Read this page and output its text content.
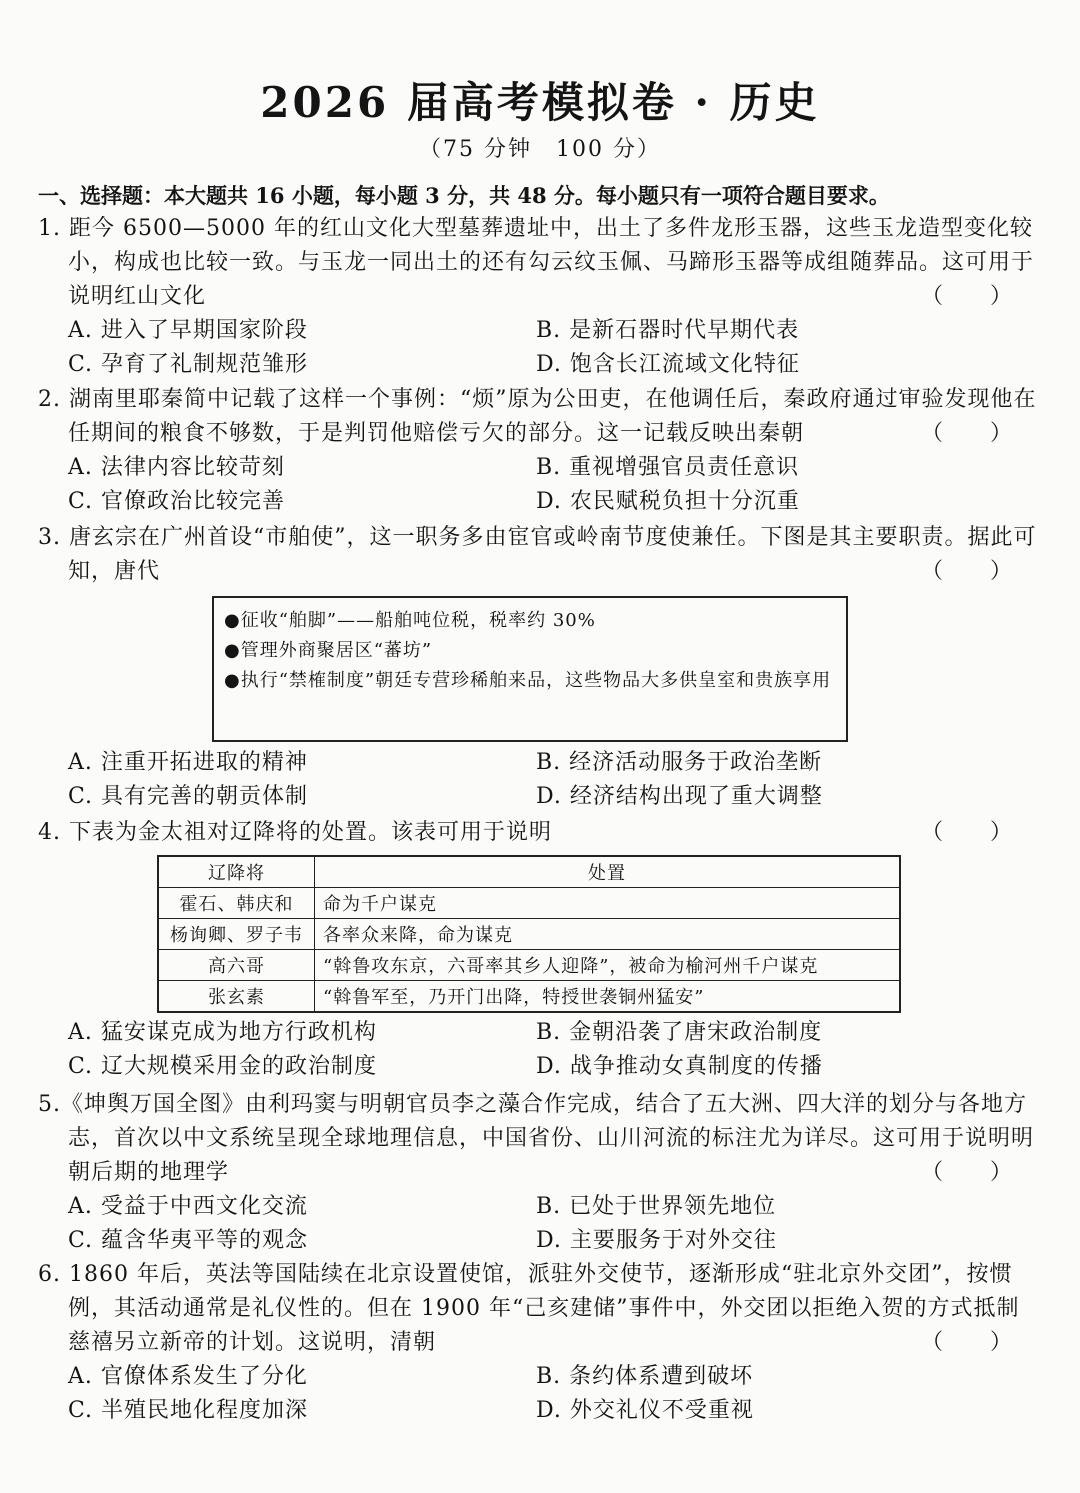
2026 届高考模拟卷 · 历史
（75 分钟　100 分）
一、选择题：本大题共 16 小题，每小题 3 分，共 48 分。每小题只有一项符合题目要求。
1. 距今 6500—5000 年的红山文化大型墓葬遗址中，出土了多件龙形玉器，这些玉龙造型变化较小，构成也比较一致。与玉龙一同出土的还有勾云纹玉佩、马蹄形玉器等成组随葬品。这可用于说明红山文化	（ ）
A. 进入了早期国家阶段	B. 是新石器时代早期代表
C. 孕育了礼制规范雏形	D. 饱含长江流域文化特征
2. 湖南里耶秦简中记载了这样一个事例：“烦”原为公田吏，在他调任后，秦政府通过审验发现他在任期间的粮食不够数，于是判罚他赔偿亏欠的部分。这一记载反映出秦朝	（ ）
A. 法律内容比较苛刻	B. 重视增强官员责任意识
C. 官僚政治比较完善	D. 农民赋税负担十分沉重
3. 唐玄宗在广州首设“市舶使”，这一职务多由宦官或岭南节度使兼任。下图是其主要职责。据此可知，唐代	（ ）
●征收“舶脚”——船舶吨位税，税率约 30%
●管理外商聚居区“蕃坊”
●执行“禁榷制度”朝廷专营珍稀舶来品，这些物品大多供皇室和贵族享用
A. 注重开拓进取的精神	B. 经济活动服务于政治垄断
C. 具有完善的朝贡体制	D. 经济结构出现了重大调整
4. 下表为金太祖对辽降将的处置。该表可用于说明	（ ）
辽降将	处置
霍石、韩庆和	命为千户谋克
杨询卿、罗子韦	各率众来降，命为谋克
高六哥	“斡鲁攻东京，六哥率其乡人迎降”，被命为榆河州千户谋克
张玄素	“斡鲁军至，乃开门出降，特授世袭铜州猛安”
A. 猛安谋克成为地方行政机构	B. 金朝沿袭了唐宋政治制度
C. 辽大规模采用金的政治制度	D. 战争推动女真制度的传播
5.《坤舆万国全图》由利玛窦与明朝官员李之藻合作完成，结合了五大洲、四大洋的划分与各地方志，首次以中文系统呈现全球地理信息，中国省份、山川河流的标注尤为详尽。这可用于说明明朝后期的地理学	（ ）
A. 受益于中西文化交流	B. 已处于世界领先地位
C. 蕴含华夷平等的观念	D. 主要服务于对外交往
6. 1860 年后，英法等国陆续在北京设置使馆，派驻外交使节，逐渐形成“驻北京外交团”，按惯例，其活动通常是礼仪性的。但在 1900 年“己亥建储”事件中，外交团以拒绝入贺的方式抵制慈禧另立新帝的计划。这说明，清朝	（ ）
A. 官僚体系发生了分化	B. 条约体系遭到破坏
C. 半殖民地化程度加深	D. 外交礼仪不受重视
